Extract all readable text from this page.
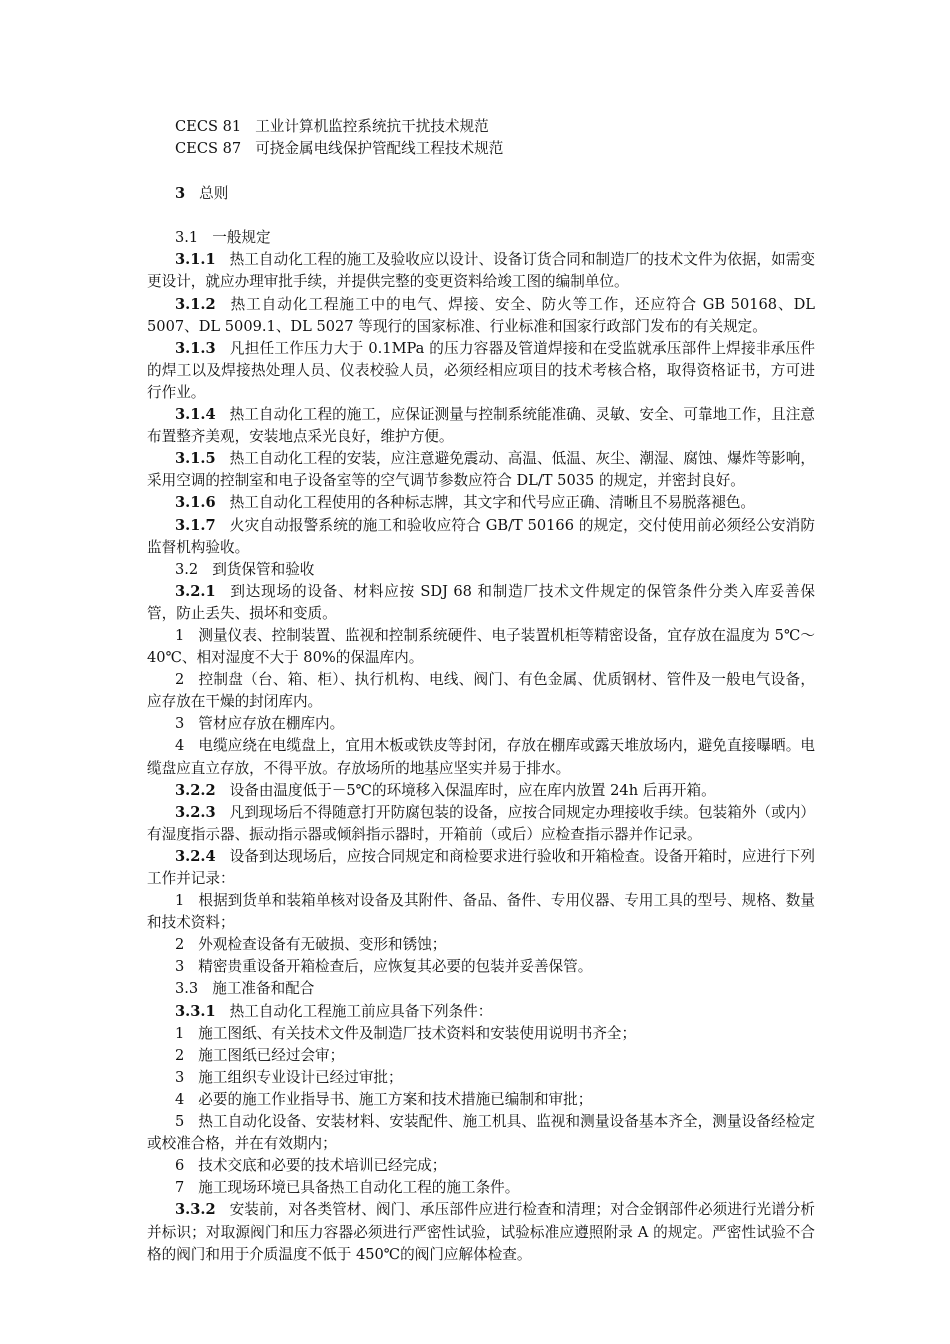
CECS 81 工业计算机监控系统抗干扰技术规范

CECS 87 可挠金属电线保护管配线工程技术规范

3 总则

3.1 一般规定

3.1.1 热工自动化工程的施工及验收应以设计、设备订货合同和制造厂的技术文件为依据，如需变更设计，就应办理审批手续，并提供完整的变更资料给竣工图的编制单位。

3.1.2 热工自动化工程施工中的电气、焊接、安全、防火等工作，还应符合 GB 50168、DL 5007、DL 5009.1、DL 5027 等现行的国家标准、行业标准和国家行政部门发布的有关规定。

3.1.3 凡担任工作压力大于 0.1MPa 的压力容器及管道焊接和在受监就承压部件上焊接非承压件的焊工以及焊接热处理人员、仪表校验人员，必须经相应项目的技术考核合格，取得资格证书，方可进行作业。

3.1.4 热工自动化工程的施工，应保证测量与控制系统能准确、灵敏、安全、可靠地工作，且注意布置整齐美观，安装地点采光良好，维护方便。

3.1.5 热工自动化工程的安装，应注意避免震动、高温、低温、灰尘、潮湿、腐蚀、爆炸等影响，采用空调的控制室和电子设备室等的空气调节参数应符合 DL/T 5035 的规定，并密封良好。

3.1.6 热工自动化工程使用的各种标志牌，其文字和代号应正确、清晰且不易脱落褪色。

3.1.7 火灾自动报警系统的施工和验收应符合 GB/T 50166 的规定，交付使用前必须经公安消防监督机构验收。

3.2 到货保管和验收

3.2.1 到达现场的设备、材料应按 SDJ 68 和制造厂技术文件规定的保管条件分类入库妥善保管，防止丢失、损坏和变质。

1 测量仪表、控制装置、监视和控制系统硬件、电子装置机柜等精密设备，宜存放在温度为 5℃～40℃、相对湿度不大于 80%的保温库内。

2 控制盘（台、箱、柜）、执行机构、电线、阀门、有色金属、优质钢材、管件及一般电气设备，应存放在干燥的封闭库内。

3 管材应存放在棚库内。

4 电缆应绕在电缆盘上，宜用木板或铁皮等封闭，存放在棚库或露天堆放场内，避免直接曝晒。电缆盘应直立存放，不得平放。存放场所的地基应坚实并易于排水。

3.2.2 设备由温度低于－5℃的环境移入保温库时，应在库内放置 24h 后再开箱。

3.2.3 凡到现场后不得随意打开防腐包装的设备，应按合同规定办理接收手续。包装箱外（或内）有湿度指示器、振动指示器或倾斜指示器时，开箱前（或后）应检查指示器并作记录。

3.2.4 设备到达现场后，应按合同规定和商检要求进行验收和开箱检查。设备开箱时，应进行下列工作并记录：

1 根据到货单和装箱单核对设备及其附件、备品、备件、专用仪器、专用工具的型号、规格、数量和技术资料；

2 外观检查设备有无破损、变形和锈蚀；

3 精密贵重设备开箱检查后，应恢复其必要的包装并妥善保管。

3.3 施工准备和配合

3.3.1 热工自动化工程施工前应具备下列条件：

1 施工图纸、有关技术文件及制造厂技术资料和安装使用说明书齐全；

2 施工图纸已经过会审；

3 施工组织专业设计已经过审批；

4 必要的施工作业指导书、施工方案和技术措施已编制和审批；

5 热工自动化设备、安装材料、安装配件、施工机具、监视和测量设备基本齐全，测量设备经检定或校准合格，并在有效期内；

6 技术交底和必要的技术培训已经完成；

7 施工现场环境已具备热工自动化工程的施工条件。

3.3.2 安装前，对各类管材、阀门、承压部件应进行检查和清理；对合金钢部件必须进行光谱分析并标识；对取源阀门和压力容器必须进行严密性试验，试验标准应遵照附录 A 的规定。严密性试验不合格的阀门和用于介质温度不低于 450℃的阀门应解体检查。
